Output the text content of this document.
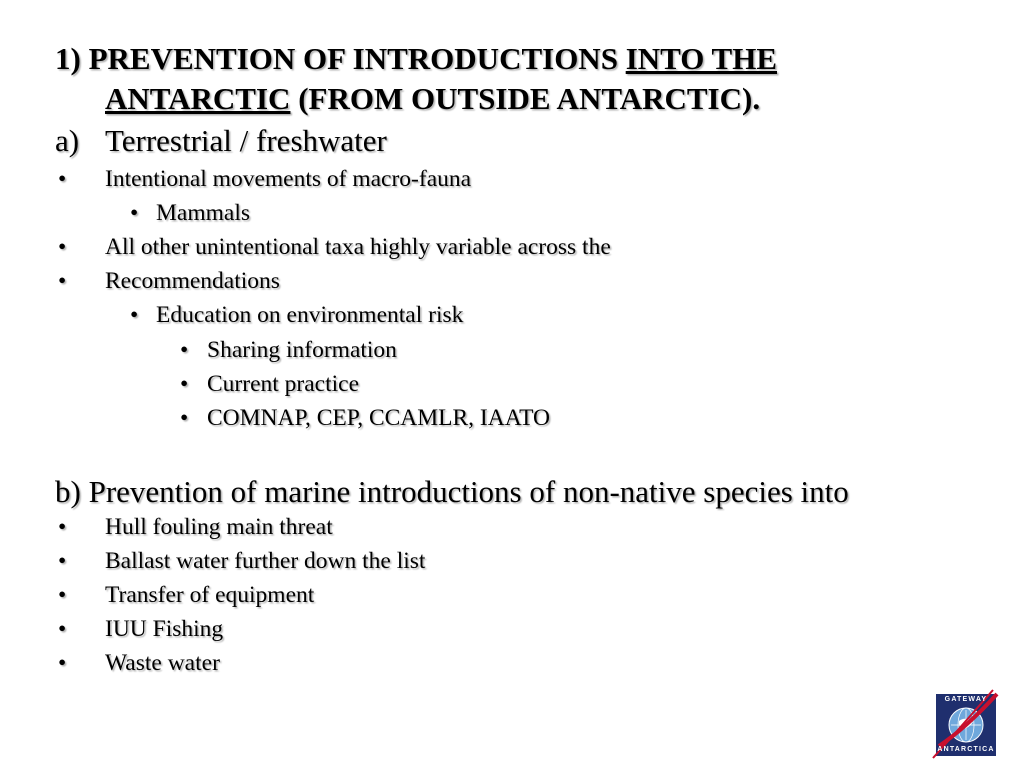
1) PREVENTION OF INTRODUCTIONS INTO THE
ANTARCTIC (FROM OUTSIDE ANTARCTIC).
a) Terrestrial / freshwater
• Intentional movements of macro-fauna
• Mammals
• All other unintentional taxa highly variable across the
• Recommendations
• Education on environmental risk
• Sharing information
• Current practice
• COMNAP, CEP, CCAMLR, IAATO
b) Prevention of marine introductions of non-native species into
• Hull fouling main threat
• Ballast water further down the list
• Transfer of equipment
• IUU Fishing
• Waste water
GATEWAY
ANTARCTICA
